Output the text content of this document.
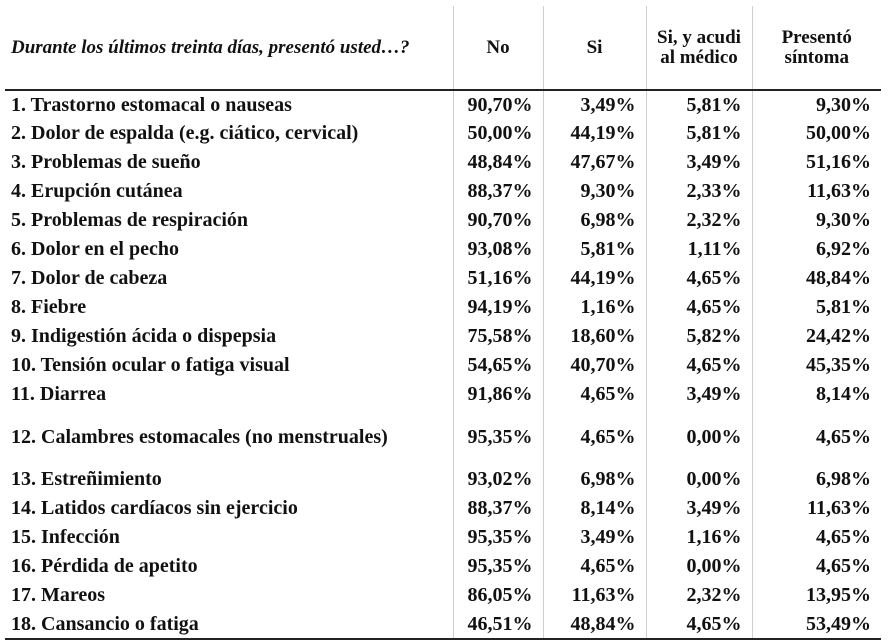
Durante los últimos treinta días, presentó usted…?	No	Si	Si, y acudi al médico	Presentó síntoma
1. Trastorno estomacal o nauseas	90,70%	3,49%	5,81%	9,30%
2. Dolor de espalda (e.g. ciático, cervical)	50,00%	44,19%	5,81%	50,00%
3. Problemas de sueño	48,84%	47,67%	3,49%	51,16%
4. Erupción cutánea	88,37%	9,30%	2,33%	11,63%
5. Problemas de respiración	90,70%	6,98%	2,32%	9,30%
6. Dolor en el pecho	93,08%	5,81%	1,11%	6,92%
7. Dolor de cabeza	51,16%	44,19%	4,65%	48,84%
8. Fiebre	94,19%	1,16%	4,65%	5,81%
9. Indigestión ácida o dispepsia	75,58%	18,60%	5,82%	24,42%
10. Tensión ocular o fatiga visual	54,65%	40,70%	4,65%	45,35%
11. Diarrea	91,86%	4,65%	3,49%	8,14%
12. Calambres estomacales (no menstruales)	95,35%	4,65%	0,00%	4,65%
13. Estreñimiento	93,02%	6,98%	0,00%	6,98%
14. Latidos cardíacos sin ejercicio	88,37%	8,14%	3,49%	11,63%
15. Infección	95,35%	3,49%	1,16%	4,65%
16. Pérdida de apetito	95,35%	4,65%	0,00%	4,65%
17. Mareos	86,05%	11,63%	2,32%	13,95%
18. Cansancio o fatiga	46,51%	48,84%	4,65%	53,49%
